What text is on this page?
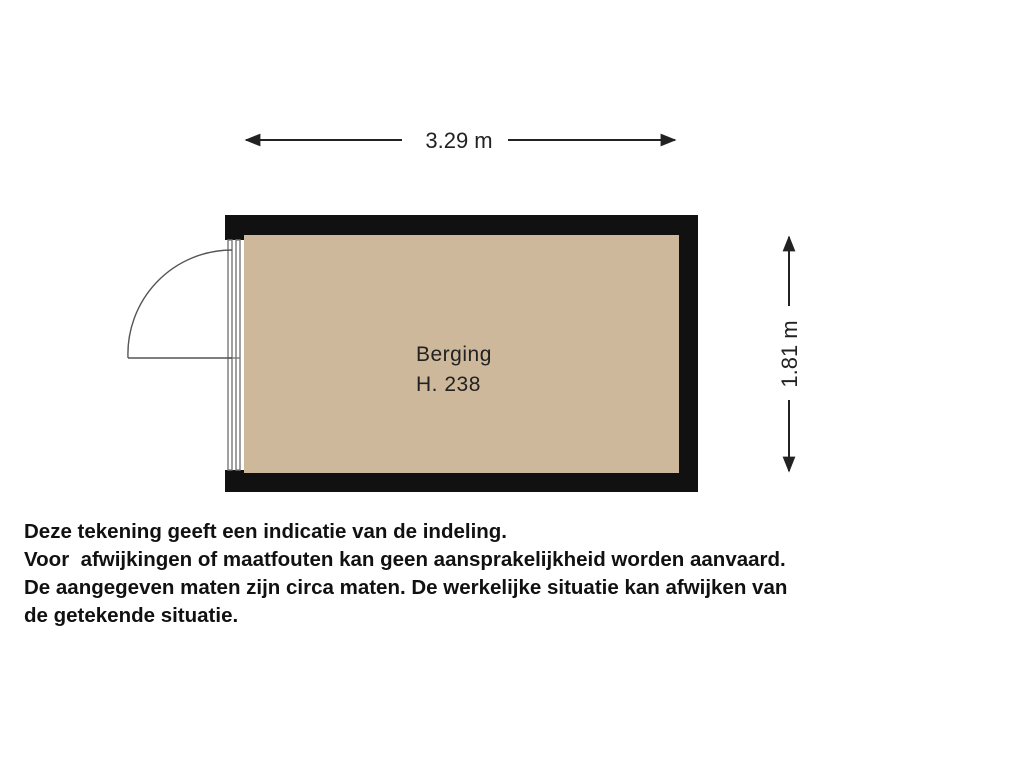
3.29 m
1.81 m
Berging
H. 238

Deze tekening geeft een indicatie van de indeling.
Voor  afwijkingen of maatfouten kan geen aansprakelijkheid worden aanvaard.
De aangegeven maten zijn circa maten. De werkelijke situatie kan afwijken van
de getekende situatie.
